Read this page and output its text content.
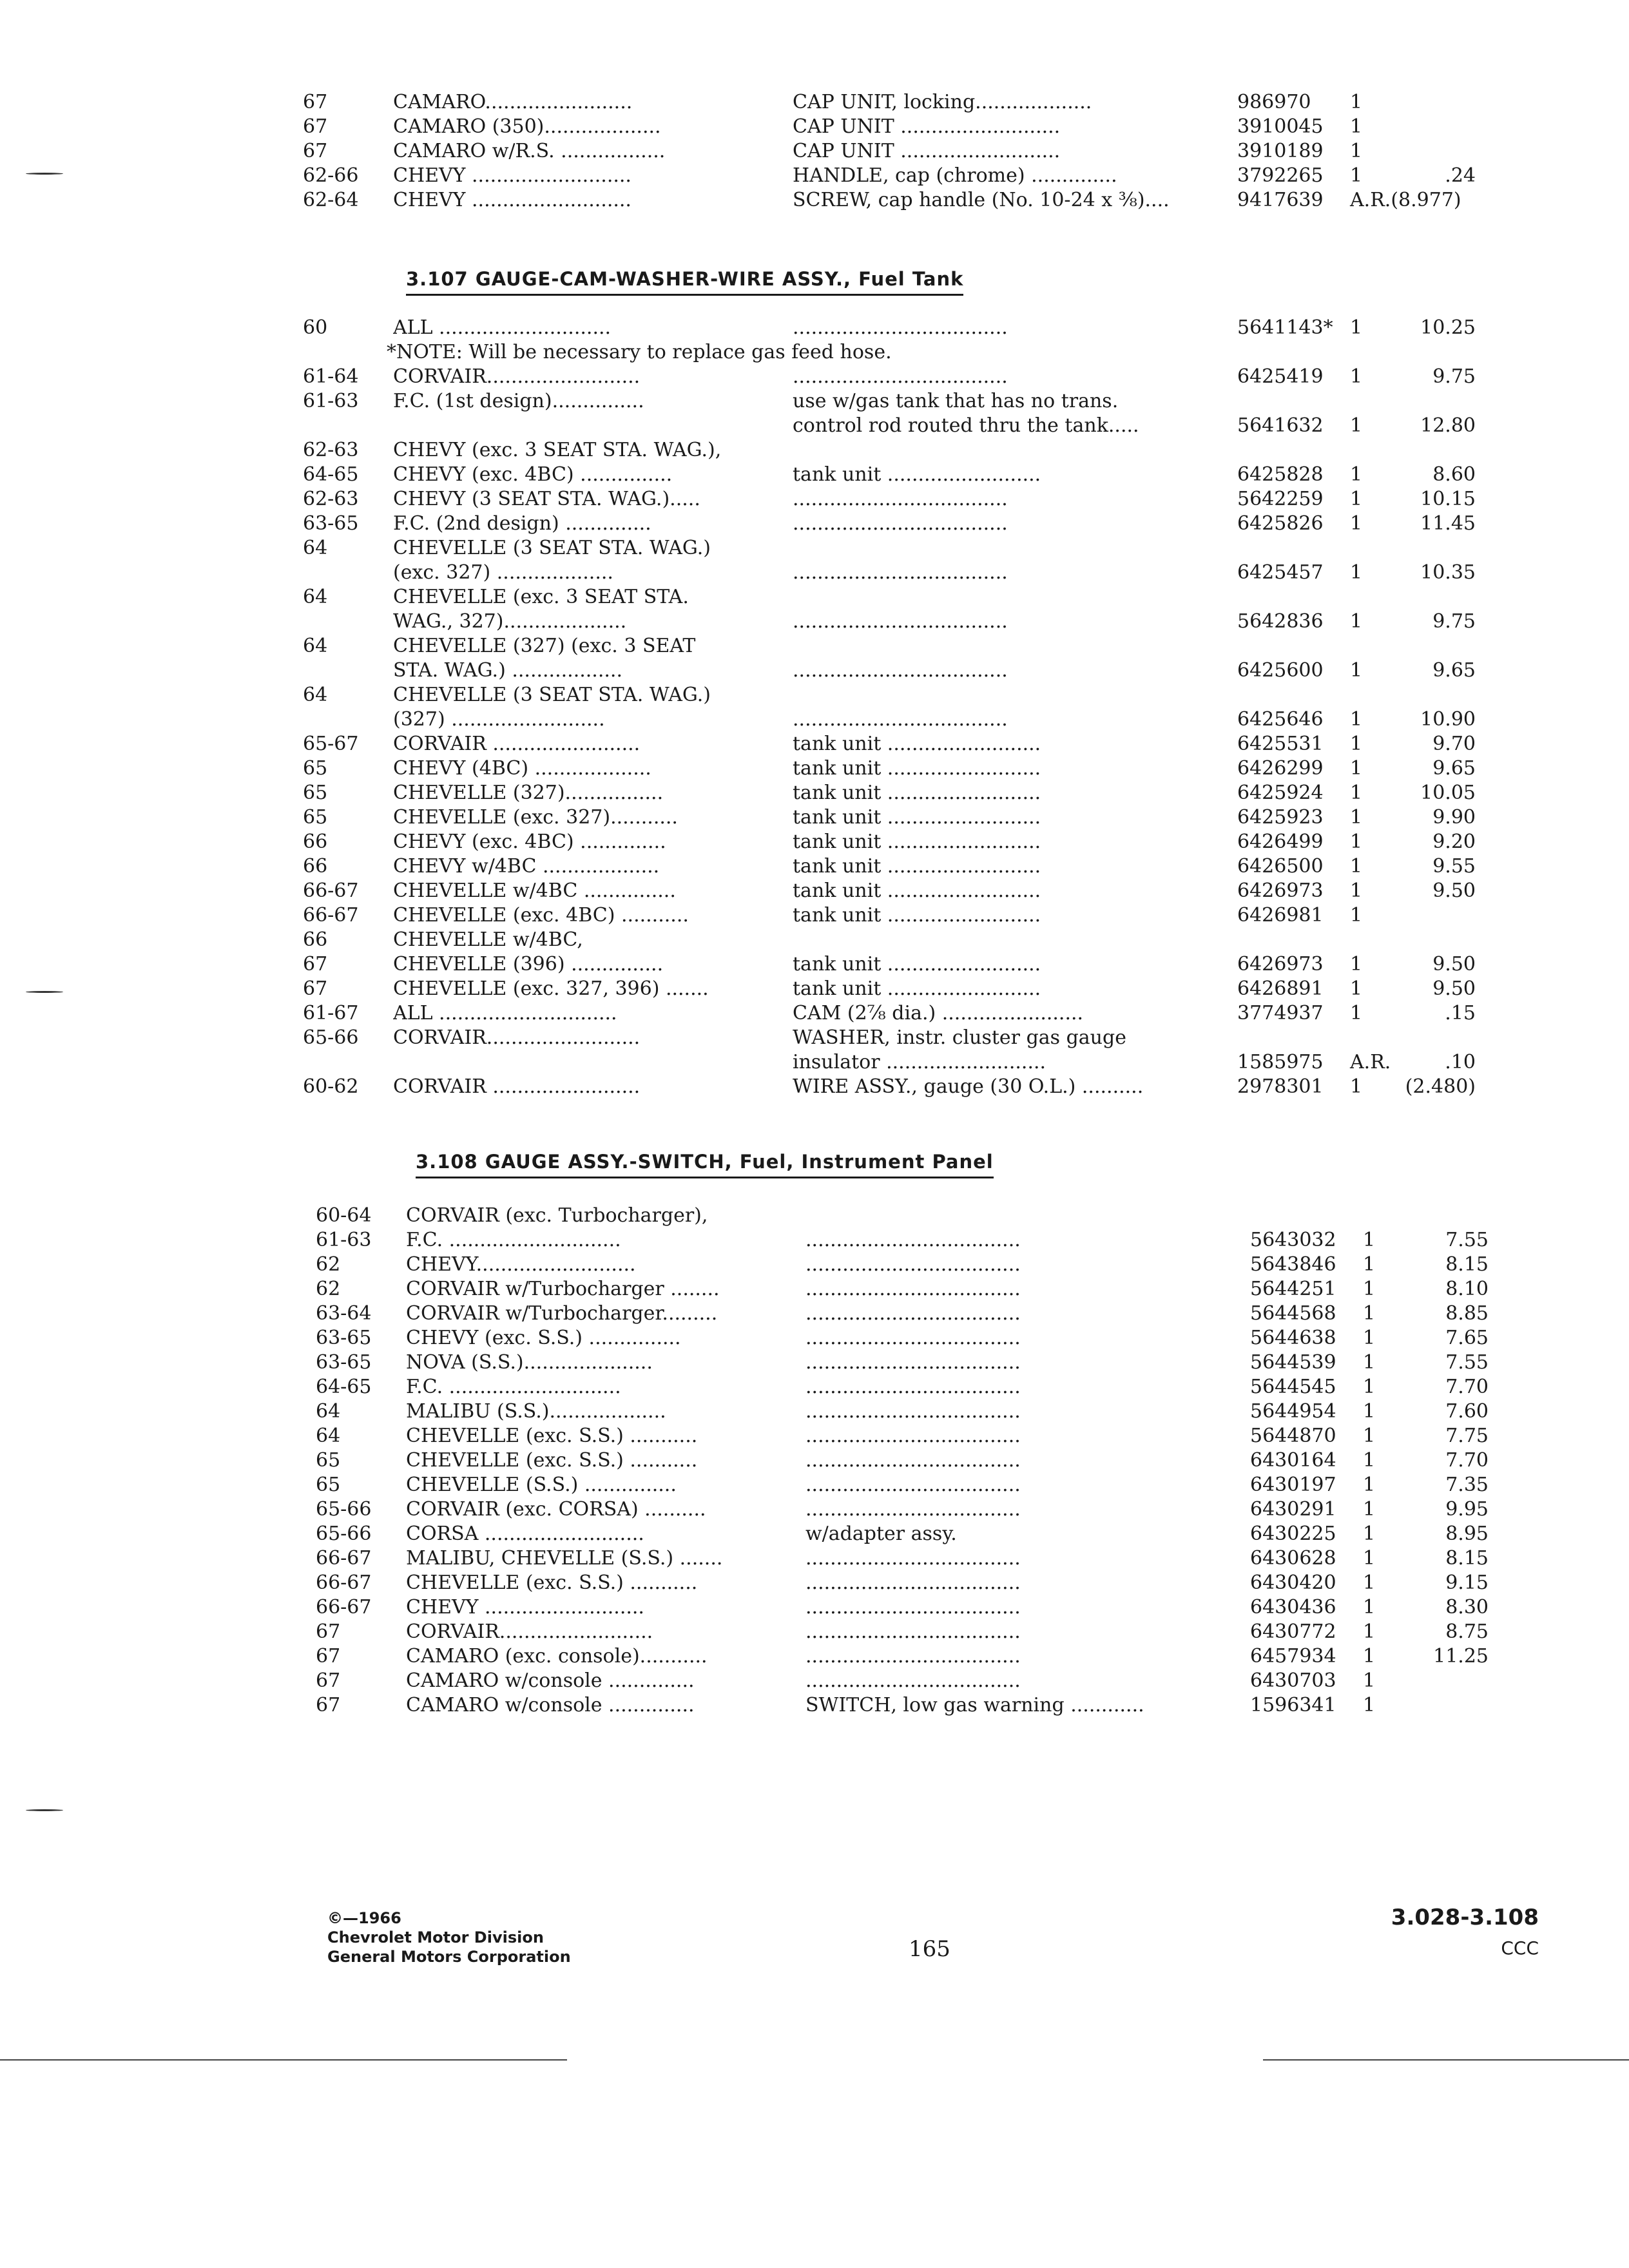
67	CAMARO........................	CAP UNIT, locking...................	986970	1
67	CAMARO (350)...................	CAP UNIT ..........................	3910045	1
67	CAMARO w/R.S. .................	CAP UNIT ..........................	3910189	1
62-66	CHEVY ..........................	HANDLE, cap (chrome) ..............	3792265	1	.24
62-64	CHEVY ..........................	SCREW, cap handle (No. 10-24 x ⅜)....	9417639	A.R.(8.977)
3.107 GAUGE-CAM-WASHER-WIRE ASSY., Fuel Tank
60	ALL ............................	...................................	5641143* 1	10.25
*NOTE: Will be necessary to replace gas feed hose.
61-64	CORVAIR.........................	...................................	6425419	1	9.75
61-63	F.C. (1st design)...............	use w/gas tank that has no trans.
control rod routed thru the tank.....	5641632	1	12.80
62-63	CHEVY (exc. 3 SEAT STA. WAG.),
64-65	CHEVY (exc. 4BC) ...............	tank unit .........................	6425828	1	8.60
62-63	CHEVY (3 SEAT STA. WAG.).....	...................................	5642259	1	10.15
63-65	F.C. (2nd design) ..............	...................................	6425826	1	11.45
64	CHEVELLE (3 SEAT STA. WAG.)
(exc. 327) ...................	...................................	6425457	1	10.35
64	CHEVELLE (exc. 3 SEAT STA.
WAG., 327)....................	...................................	5642836	1	9.75
64	CHEVELLE (327) (exc. 3 SEAT
STA. WAG.) ..................	...................................	6425600	1	9.65
64	CHEVELLE (3 SEAT STA. WAG.)
(327) .........................	...................................	6425646	1	10.90
65-67	CORVAIR ........................	tank unit .........................	6425531	1	9.70
65	CHEVY (4BC) ...................	tank unit .........................	6426299	1	9.65
65	CHEVELLE (327)................	tank unit .........................	6425924	1	10.05
65	CHEVELLE (exc. 327)...........	tank unit .........................	6425923	1	9.90
66	CHEVY (exc. 4BC) ..............	tank unit .........................	6426499	1	9.20
66	CHEVY w/4BC ...................	tank unit .........................	6426500	1	9.55
66-67	CHEVELLE w/4BC ...............	tank unit .........................	6426973	1	9.50
66-67	CHEVELLE (exc. 4BC) ...........	tank unit .........................	6426981	1
66	CHEVELLE w/4BC,
67	CHEVELLE (396) ...............	tank unit .........................	6426973	1	9.50
67	CHEVELLE (exc. 327, 396) .......	tank unit .........................	6426891	1	9.50
61-67	ALL .............................	CAM (2⅞ dia.) .......................	3774937	1	.15
65-66	CORVAIR.........................	WASHER, instr. cluster gas gauge
insulator ..........................	1585975	A.R.	.10
60-62	CORVAIR ........................	WIRE ASSY., gauge (30 O.L.) ..........	2978301	1	(2.480)
3.108 GAUGE ASSY.-SWITCH, Fuel, Instrument Panel
60-64	CORVAIR (exc. Turbocharger),
61-63	F.C. ............................	...................................	5643032	1	7.55
62	CHEVY..........................	...................................	5643846	1	8.15
62	CORVAIR w/Turbocharger ........	...................................	5644251	1	8.10
63-64	CORVAIR w/Turbocharger.........	...................................	5644568	1	8.85
63-65	CHEVY (exc. S.S.) ...............	...................................	5644638	1	7.65
63-65	NOVA (S.S.).....................	...................................	5644539	1	7.55
64-65	F.C. ............................	...................................	5644545	1	7.70
64	MALIBU (S.S.)...................	...................................	5644954	1	7.60
64	CHEVELLE (exc. S.S.) ...........	...................................	5644870	1	7.75
65	CHEVELLE (exc. S.S.) ...........	...................................	6430164	1	7.70
65	CHEVELLE (S.S.) ...............	...................................	6430197	1	7.35
65-66	CORVAIR (exc. CORSA) ..........	...................................	6430291	1	9.95
65-66	CORSA ..........................	w/adapter assy.	6430225	1	8.95
66-67	MALIBU, CHEVELLE (S.S.) .......	...................................	6430628	1	8.15
66-67	CHEVELLE (exc. S.S.) ...........	...................................	6430420	1	9.15
66-67	CHEVY ..........................	...................................	6430436	1	8.30
67	CORVAIR.........................	...................................	6430772	1	8.75
67	CAMARO (exc. console)...........	...................................	6457934	1	11.25
67	CAMARO w/console ..............	...................................	6430703	1
67	CAMARO w/console ..............	SWITCH, low gas warning ............	1596341	1
©—1966
Chevrolet Motor Division
General Motors Corporation	165
3.028-3.108
CCC
